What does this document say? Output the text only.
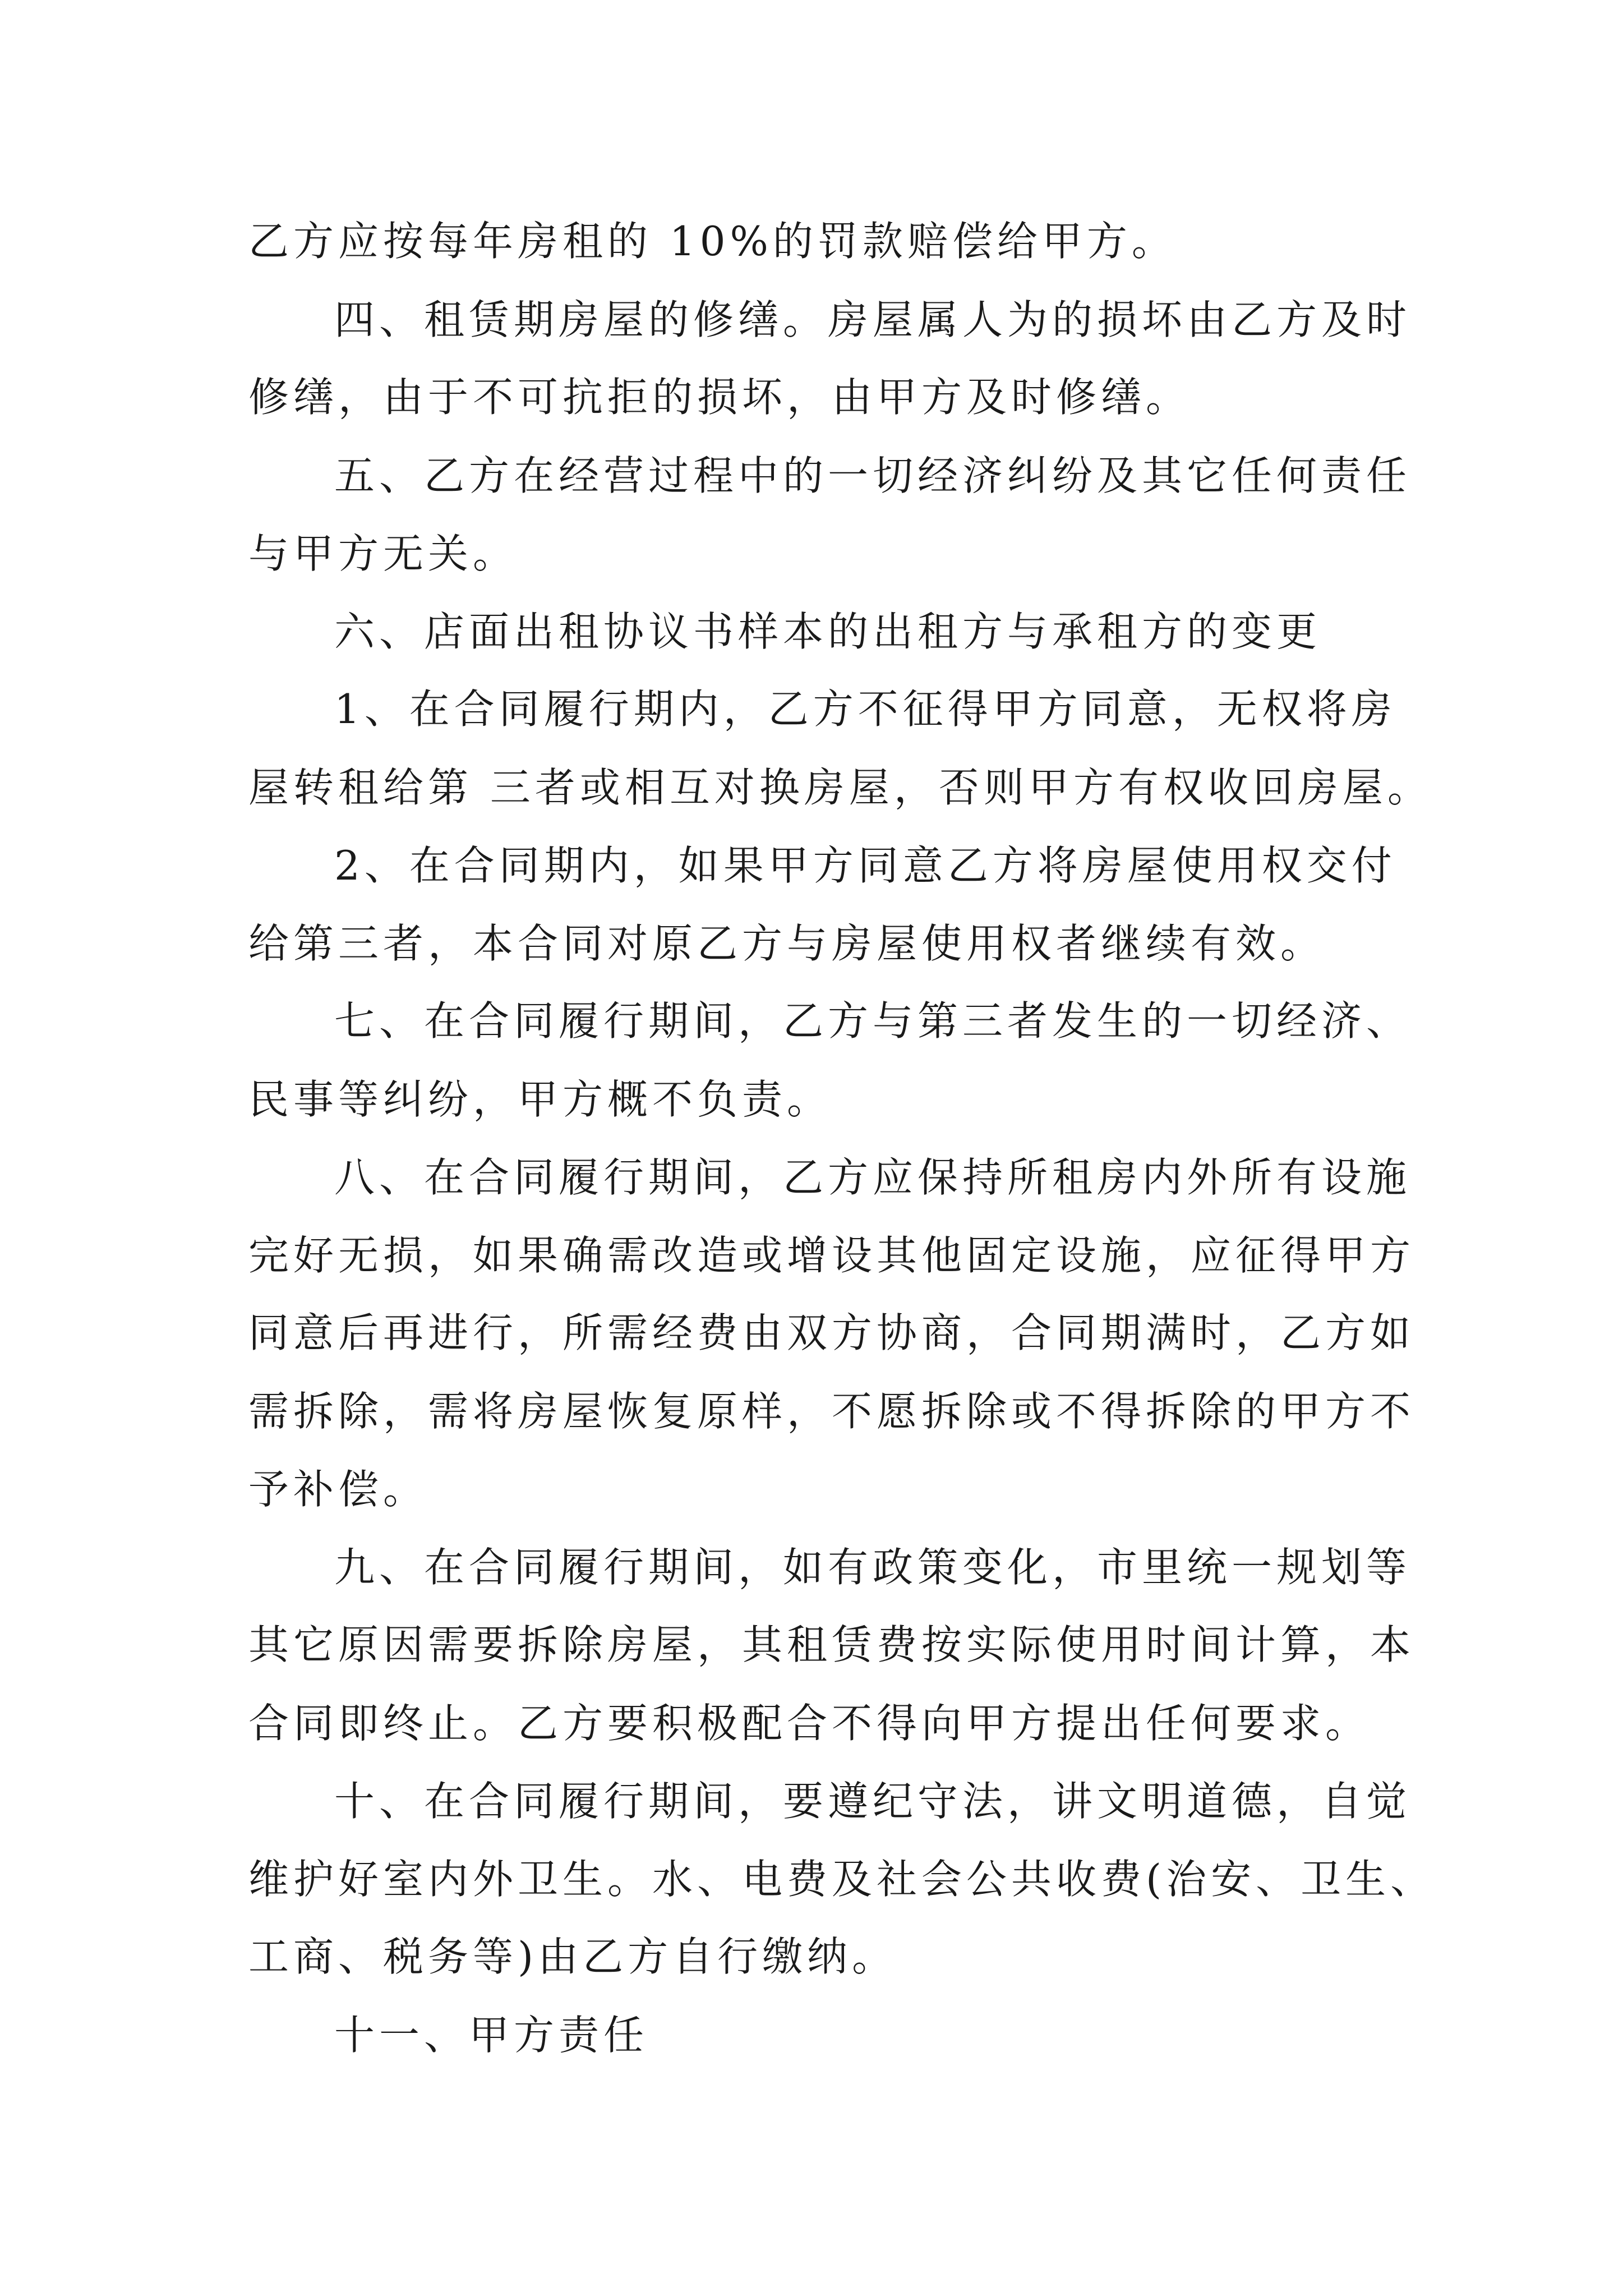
乙方应按每年房租的 10%的罚款赔偿给甲方。
四、租赁期房屋的修缮。房屋属人为的损坏由乙方及时
修缮，由于不可抗拒的损坏，由甲方及时修缮。
五、乙方在经营过程中的一切经济纠纷及其它任何责任
与甲方无关。
六、店面出租协议书样本的出租方与承租方的变更
1、在合同履行期内，乙方不征得甲方同意，无权将房
屋转租给第 三者或相互对换房屋，否则甲方有权收回房屋。
2、在合同期内，如果甲方同意乙方将房屋使用权交付
给第三者，本合同对原乙方与房屋使用权者继续有效。
七、在合同履行期间，乙方与第三者发生的一切经济、
民事等纠纷，甲方概不负责。
八、在合同履行期间，乙方应保持所租房内外所有设施
完好无损，如果确需改造或增设其他固定设施，应征得甲方
同意后再进行，所需经费由双方协商，合同期满时，乙方如
需拆除，需将房屋恢复原样，不愿拆除或不得拆除的甲方不
予补偿。
九、在合同履行期间，如有政策变化，市里统一规划等
其它原因需要拆除房屋，其租赁费按实际使用时间计算，本
合同即终止。乙方要积极配合不得向甲方提出任何要求。
十、在合同履行期间，要遵纪守法，讲文明道德，自觉
维护好室内外卫生。水、电费及社会公共收费(治安、卫生、
工商、税务等)由乙方自行缴纳。
十一、甲方责任
